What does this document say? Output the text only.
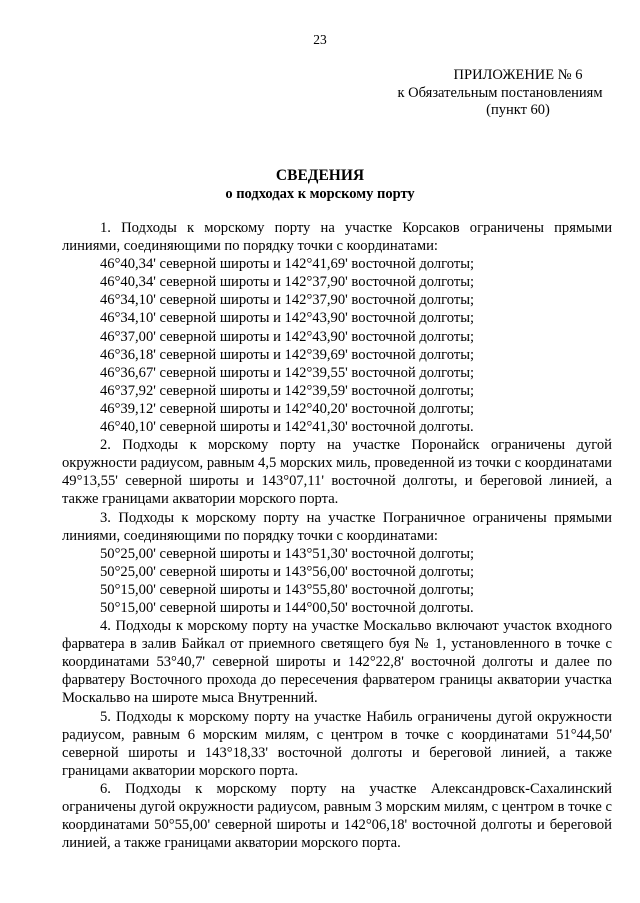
23
ПРИЛОЖЕНИЕ № 6
к Обязательным постановлениям
(пункт 60)
СВЕДЕНИЯ
о подходах к морскому порту

1. Подходы к морскому порту на участке Корсаков ограничены прямыми линиями, соединяющими по порядку точки с координатами:

46°40,34' северной широты и 142°41,69' восточной долготы;
46°40,34' северной широты и 142°37,90' восточной долготы;
46°34,10' северной широты и 142°37,90' восточной долготы;
46°34,10' северной широты и 142°43,90' восточной долготы;
46°37,00' северной широты и 142°43,90' восточной долготы;
46°36,18' северной широты и 142°39,69' восточной долготы;
46°36,67' северной широты и 142°39,55' восточной долготы;
46°37,92' северной широты и 142°39,59' восточной долготы;
46°39,12' северной широты и 142°40,20' восточной долготы;
46°40,10' северной широты и 142°41,30' восточной долготы.

2. Подходы к морскому порту на участке Поронайск ограничены дугой окружности радиусом, равным 4,5 морских миль, проведенной из точки с координатами 49°13,55' северной широты и 143°07,11' восточной долготы, и береговой линией, а также границами акватории морского порта.

3. Подходы к морскому порту на участке Пограничное ограничены прямыми линиями, соединяющими по порядку точки с координатами:

50°25,00' северной широты и 143°51,30' восточной долготы;
50°25,00' северной широты и 143°56,00' восточной долготы;
50°15,00' северной широты и 143°55,80' восточной долготы;
50°15,00' северной широты и 144°00,50' восточной долготы.

4. Подходы к морскому порту на участке Москальво включают участок входного фарватера в залив Байкал от приемного светящего буя № 1, установленного в точке с координатами 53°40,7' северной широты и 142°22,8' восточной долготы и далее по фарватеру Восточного прохода до пересечения фарватером границы акватории участка Москальво на широте мыса Внутренний.

5. Подходы к морскому порту на участке Набиль ограничены дугой окружности радиусом, равным 6 морским милям, с центром в точке с координатами 51°44,50' северной широты и 143°18,33' восточной долготы и береговой линией, а также границами акватории морского порта.

6. Подходы к морскому порту на участке Александровск-Сахалинский ограничены дугой окружности радиусом, равным 3 морским милям, с центром в точке с координатами 50°55,00' северной широты и 142°06,18' восточной долготы и береговой линией, а также границами акватории морского порта.
